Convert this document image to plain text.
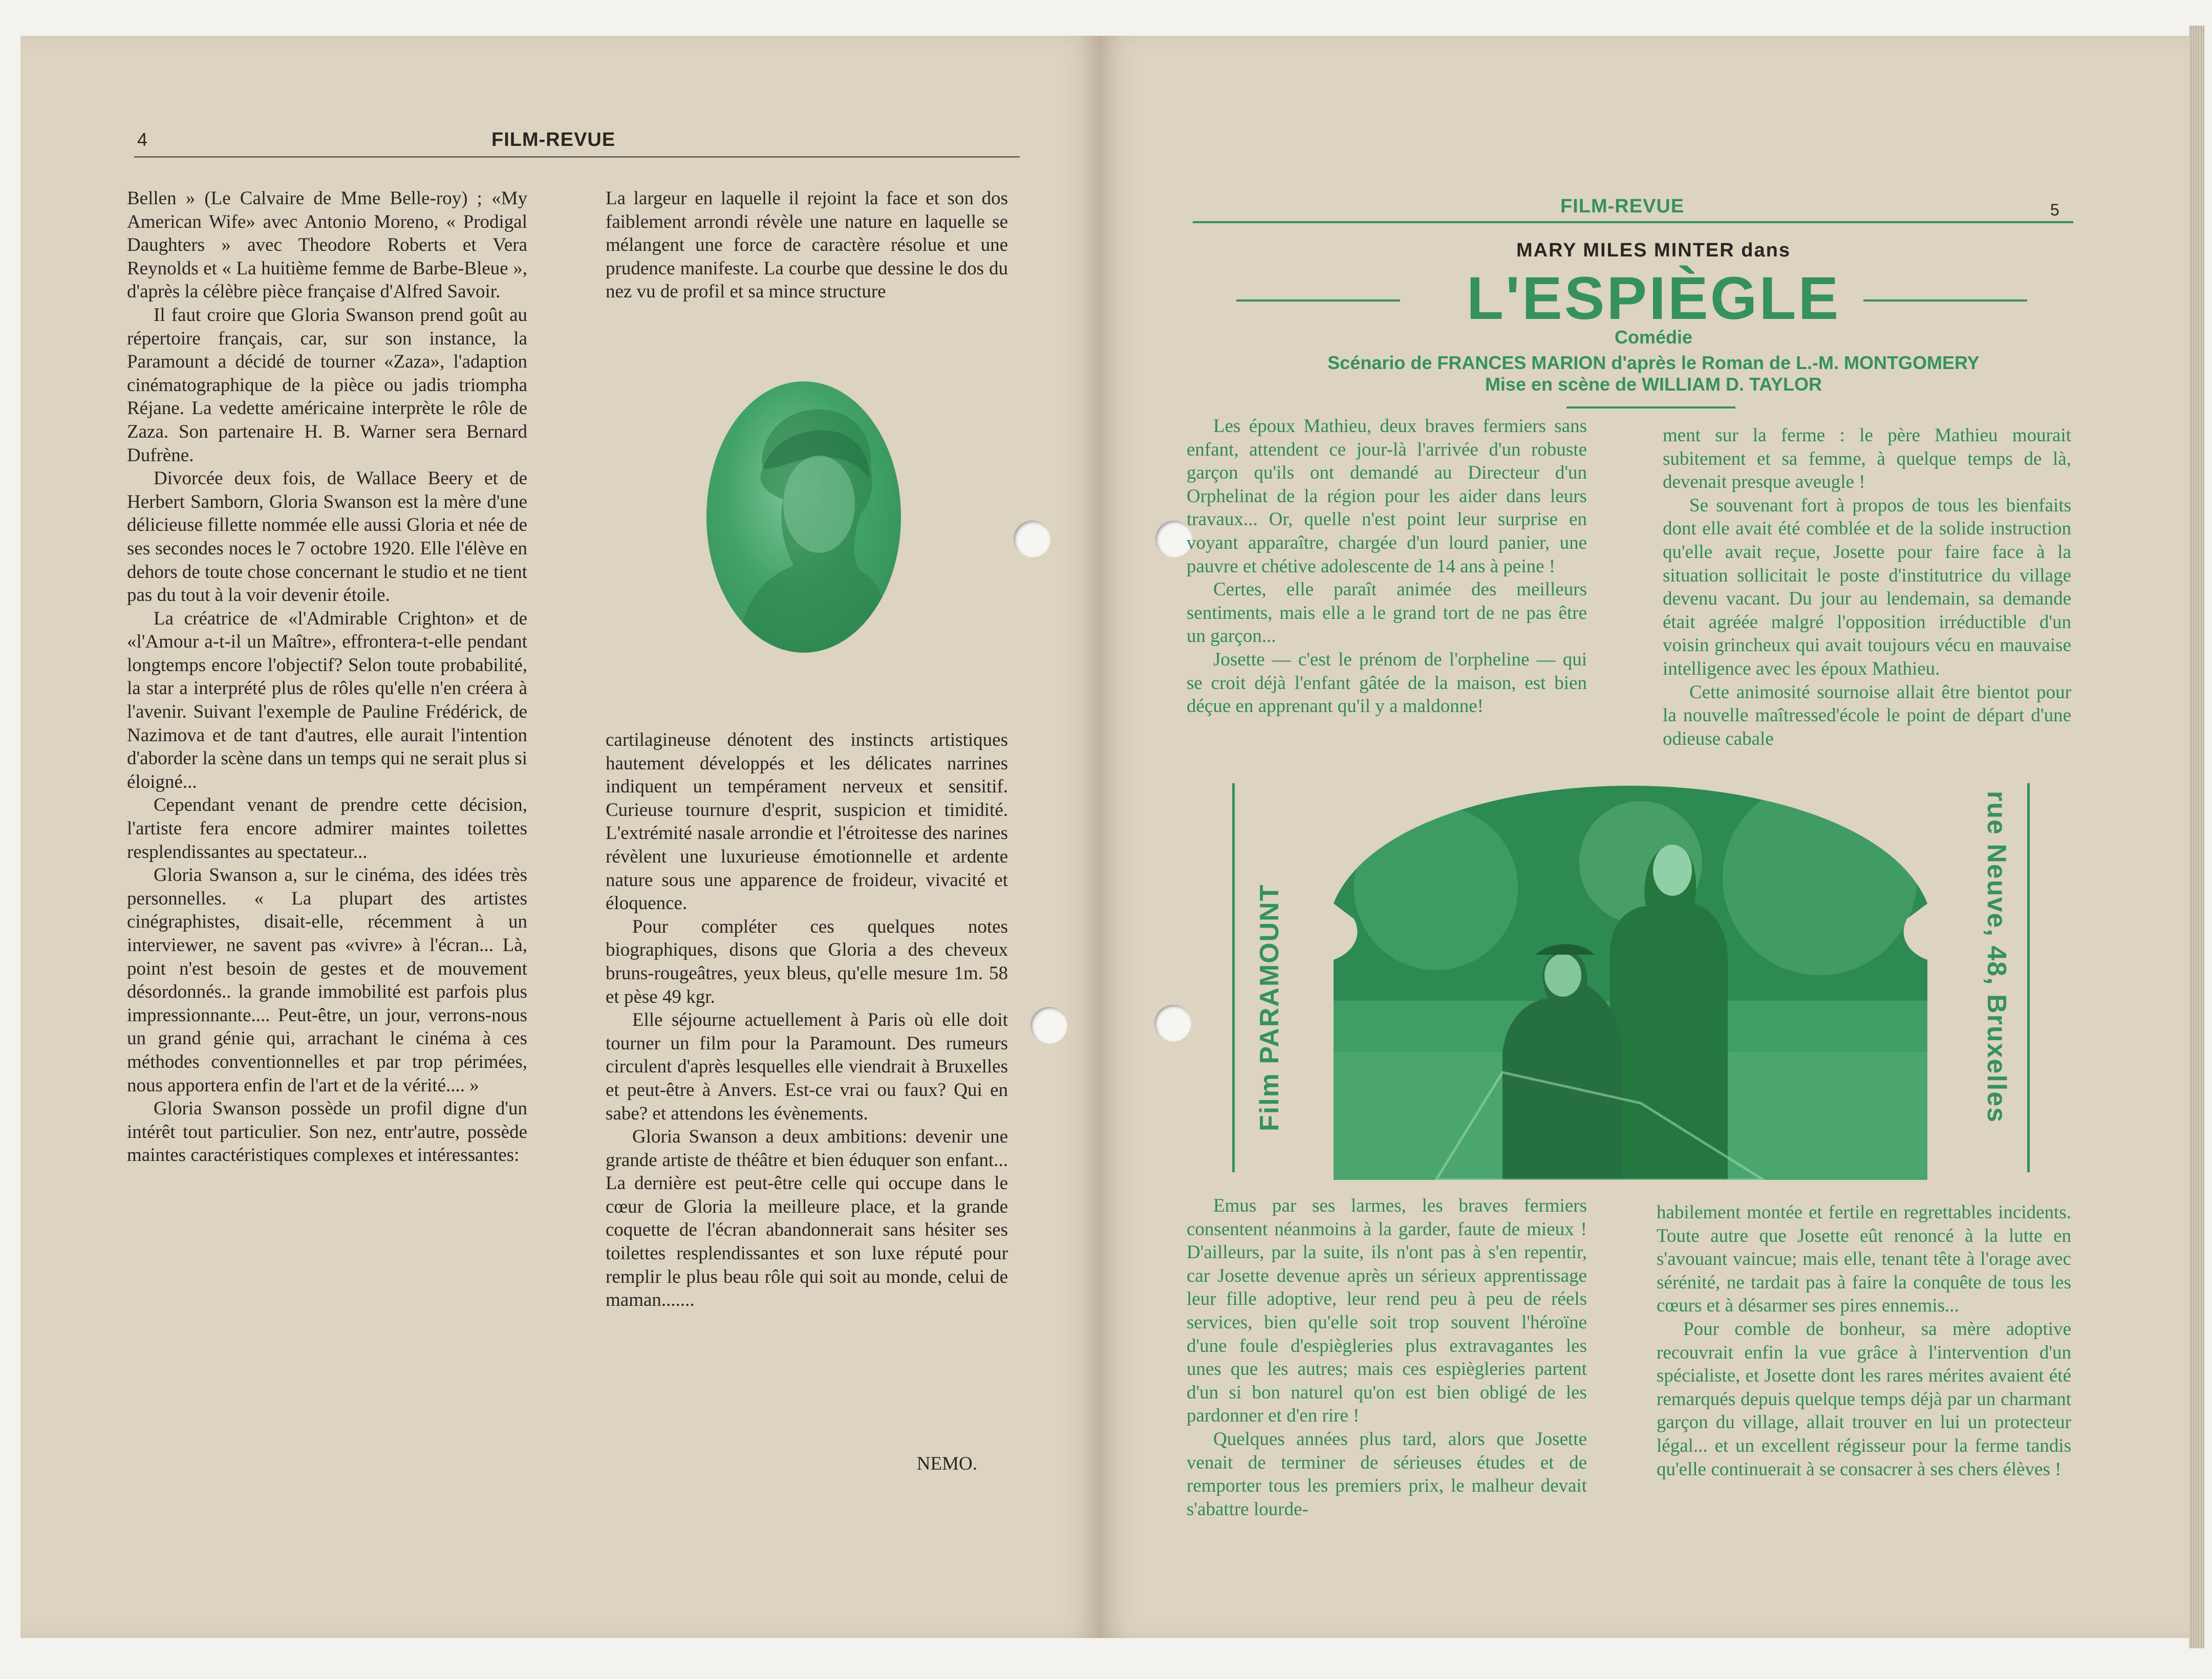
4	FILM-REVUE

Bellen » (Le Calvaire de Mme Belle-roy) ; «My American Wife» avec Antonio Moreno, « Prodigal Daughters » avec Theodore Roberts et Vera Reynolds et « La huitième femme de Barbe-Bleue », d'après la célèbre pièce française d'Alfred Savoir.

Il faut croire que Gloria Swanson prend goût au répertoire français, car, sur son instance, la Paramount a décidé de tourner «Zaza», l'adaption cinématographique de la pièce ou jadis triompha Réjane. La vedette américaine interprète le rôle de Zaza. Son partenaire H. B. Warner sera Bernard Dufrène.

Divorcée deux fois, de Wallace Beery et de Herbert Samborn, Gloria Swanson est la mère d'une délicieuse fillette nommée elle aussi Gloria et née de ses secondes noces le 7 octobre 1920. Elle l'élève en dehors de toute chose concernant le studio et ne tient pas du tout à la voir devenir étoile.

La créatrice de «l'Admirable Crighton» et de «l'Amour a-t-il un Maître», effrontera-t-elle pendant longtemps encore l'objectif? Selon toute probabilité, la star a interprété plus de rôles qu'elle n'en créera à l'avenir. Suivant l'exemple de Pauline Frédérick, de Nazimova et de tant d'autres, elle aurait l'intention d'aborder la scène dans un temps qui ne serait plus si éloigné...

Cependant venant de prendre cette décision, l'artiste fera encore admirer maintes toilettes resplendissantes au spectateur...

Gloria Swanson a, sur le cinéma, des idées très personnelles. « La plupart des artistes cinégraphistes, disait-elle, récemment à un interviewer, ne savent pas «vivre» à l'écran... Là, point n'est besoin de gestes et de mouvement désordonnés.. la grande immobilité est parfois plus impressionnante.... Peut-être, un jour, verrons-nous un grand génie qui, arrachant le cinéma à ces méthodes conventionnelles et par trop périmées, nous apportera enfin de l'art et de la vérité.... »

Gloria Swanson possède un profil digne d'un intérêt tout particulier. Son nez, entr'autre, possède maintes caractéristiques complexes et intéressantes:

La largeur en laquelle il rejoint la face et son dos faiblement arrondi révèle une nature en laquelle se mélangent une force de caractère résolue et une prudence manifeste. La courbe que dessine le dos du nez vu de profil et sa mince structure

cartilagineuse dénotent des instincts artistiques hautement développés et les délicates narrines indiquent un tempérament nerveux et sensitif. Curieuse tournure d'esprit, suspicion et timidité. L'extrémité nasale arrondie et l'étroitesse des narines révèlent une luxurieuse émotionnelle et ardente nature sous une apparence de froideur, vivacité et éloquence.

Pour compléter ces quelques notes biographiques, disons que Gloria a des cheveux bruns-rougeâtres, yeux bleus, qu'elle mesure 1m. 58 et pèse 49 kgr.

Elle séjourne actuellement à Paris où elle doit tourner un film pour la Paramount. Des rumeurs circulent d'après lesquelles elle viendrait à Bruxelles et peut-être à Anvers. Est-ce vrai ou faux? Qui en sabe? et attendons les évènements.

Gloria Swanson a deux ambitions: devenir une grande artiste de théâtre et bien éduquer son enfant... La dernière est peut-être celle qui occupe dans le cœur de Gloria la meilleure place, et la grande coquette de l'écran abandonnerait sans hésiter ses toilettes resplendissantes et son luxe réputé pour remplir le plus beau rôle qui soit au monde, celui de maman.......

NEMO.
FILM-REVUE	5
MARY MILES MINTER dans
L'ESPIÈGLE
Comédie
Scénario de FRANCES MARION d'après le Roman de L.-M. MONTGOMERY
Mise en scène de WILLIAM D. TAYLOR

Les époux Mathieu, deux braves fermiers sans enfant, attendent ce jour-là l'arrivée d'un robuste garçon qu'ils ont demandé au Directeur d'un Orphelinat de la région pour les aider dans leurs travaux... Or, quelle n'est point leur surprise en voyant apparaître, chargée d'un lourd panier, une pauvre et chétive adolescente de 14 ans à peine !

Certes, elle paraît animée des meilleurs sentiments, mais elle a le grand tort de ne pas être un garçon...

Josette — c'est le prénom de l'orpheline — qui se croit déjà l'enfant gâtée de la maison, est bien déçue en apprenant qu'il y a maldonne!

ment sur la ferme : le père Mathieu mourait subitement et sa femme, à quelque temps de là, devenait presque aveugle !

Se souvenant fort à propos de tous les bienfaits dont elle avait été comblée et de la solide instruction qu'elle avait reçue, Josette pour faire face à la situation sollicitait le poste d'institutrice du village devenu vacant. Du jour au lendemain, sa demande était agréée malgré l'opposition irréductible d'un voisin grincheux qui avait toujours vécu en mauvaise intelligence avec les époux Mathieu.

Cette animosité sournoise allait être bientot pour la nouvelle maîtressed'école le point de départ d'une odieuse cabale

Film PARAMOUNT	rue Neuve, 48, Bruxelles

Emus par ses larmes, les braves fermiers consentent néanmoins à la garder, faute de mieux ! D'ailleurs, par la suite, ils n'ont pas à s'en repentir, car Josette devenue après un sérieux apprentissage leur fille adoptive, leur rend peu à peu de réels services, bien qu'elle soit trop souvent l'héroïne d'une foule d'espiègleries plus extravagantes les unes que les autres; mais ces espiègleries partent d'un si bon naturel qu'on est bien obligé de les pardonner et d'en rire !

Quelques années plus tard, alors que Josette venait de terminer de sérieuses études et de remporter tous les premiers prix, le malheur devait s'abattre lourde-

habilement montée et fertile en regrettables incidents. Toute autre que Josette eût renoncé à la lutte en s'avouant vaincue; mais elle, tenant tête à l'orage avec sérénité, ne tardait pas à faire la conquête de tous les cœurs et à désarmer ses pires ennemis...

Pour comble de bonheur, sa mère adoptive recouvrait enfin la vue grâce à l'intervention d'un spécialiste, et Josette dont les rares mérites avaient été remarqués depuis quelque temps déjà par un charmant garçon du village, allait trouver en lui un protecteur légal... et un excellent régisseur pour la ferme tandis qu'elle continuerait à se consacrer à ses chers élèves !
